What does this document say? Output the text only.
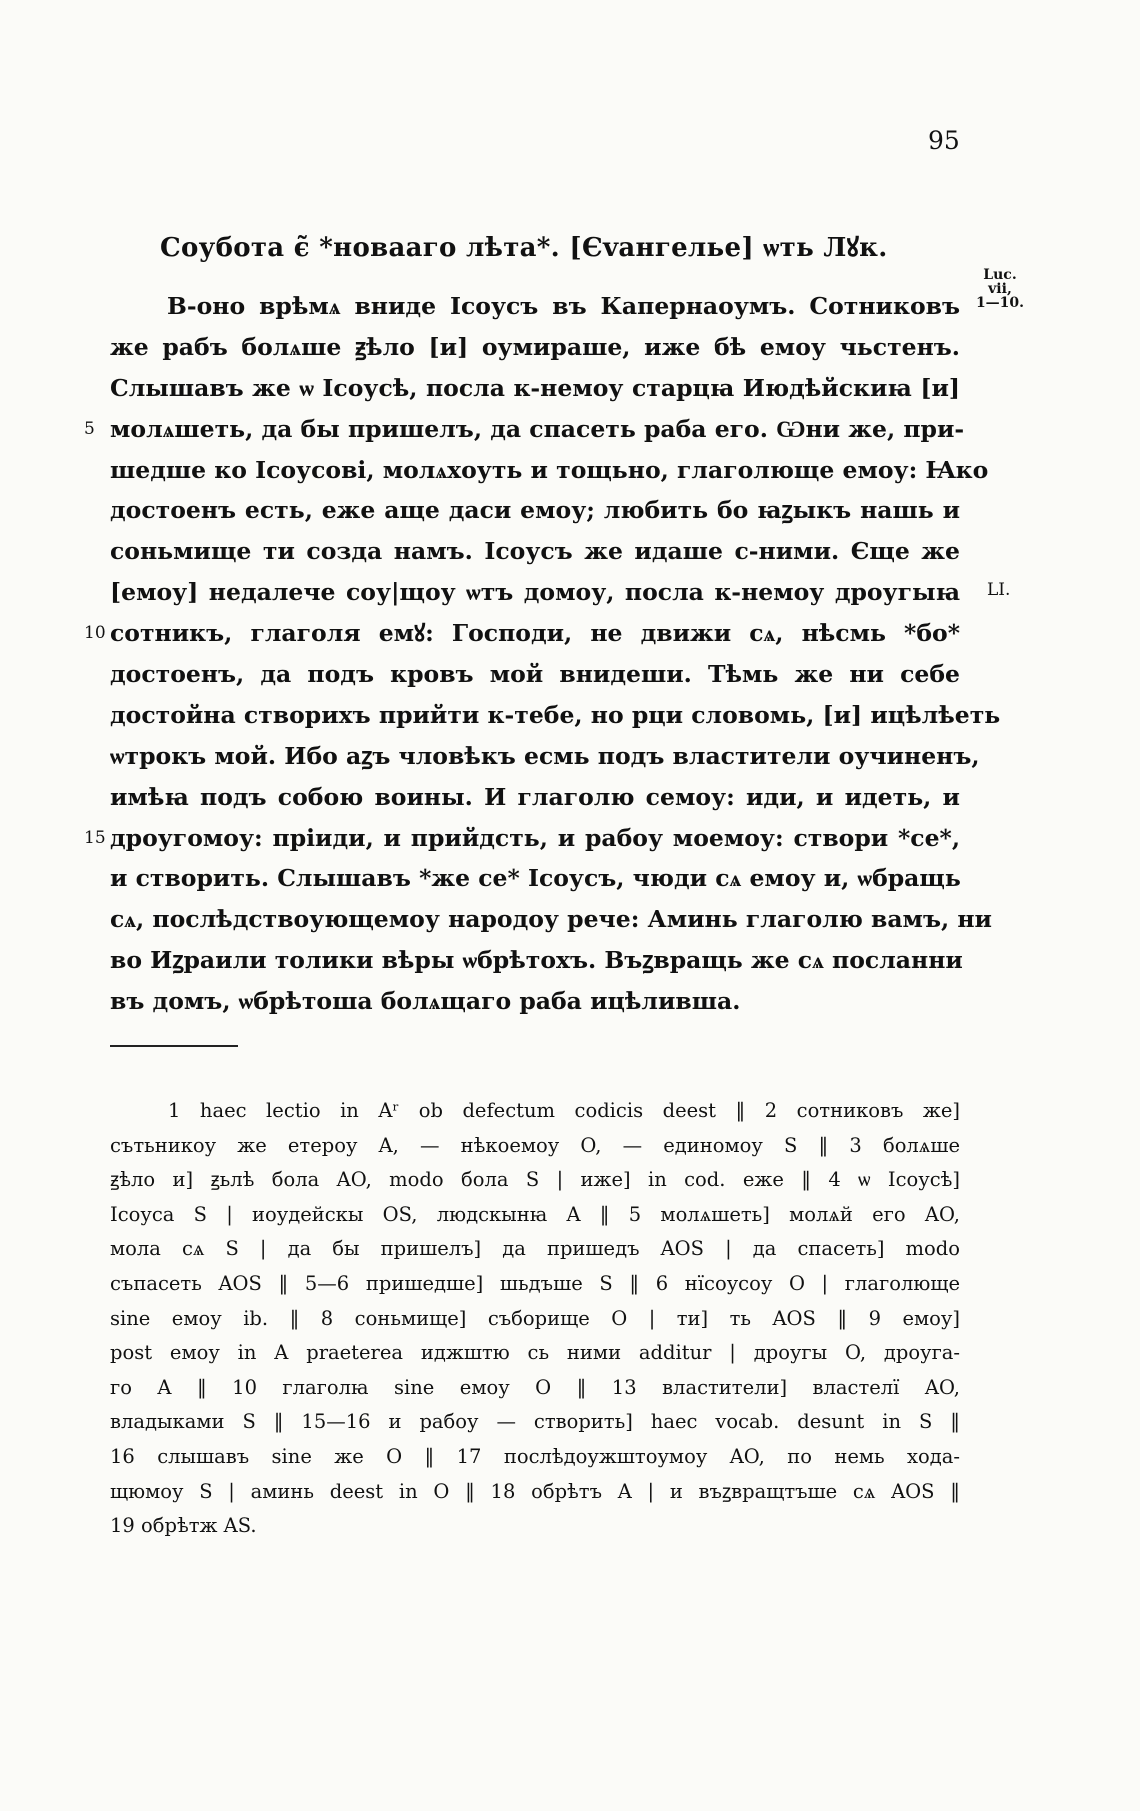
95
Соубота є̃ *новаагo лѣта*. [Єvангелье] ѡть Лꙋк.
Luc.
vii,
1—10.
LI.
В-оно врѣмѧ вниде Ісоусъ въ Капернаоумъ. Сотниковъ
же рабъ болѧше ꙃѣло [и] оумираше, иже бѣ емоу чьстенъ.
Слышавъ же ѡ Ісоусѣ, посла к-немоу старцꙗ Июдѣйскиꙗ [и]
5 молѧшеть, да бы пришелъ, да спасеть раба его. Ѡни же, при-
шедше ко Ісоусові, молѧхоуть и тощьно, глаголюще емоу: Ꙗко
достоенъ есть, еже аще даси емоу; любить бо ꙗꙁыкъ нашь и
соньмище ти созда намъ. Ісоусъ же идаше с-ними. Єще же
[емоу] недалече соу|щоу ѡтъ домоу, посла к-немоу дроугыꙗ
10 сотникъ, глаголя емꙋ: Господи, не движи сѧ, нѣсмь *бо*
достоенъ, да подъ кровъ мой внидеши. Тѣмь же ни себе
достойна створихъ прийти к-тебе, но рци словомь, [и] ицѣлѣеть
ѡтрокъ мой. Ибо аꙁъ чловѣкъ есмь подъ властители оучиненъ,
имѣꙗ подъ собою воины. И глаголю семоу: иди, и идеть, и
15 дроугомоу: пріиди, и прийдсть, и рабоу моемоу: створи *се*,
и створить. Слышавъ *же се* Ісоусъ, чюди сѧ емоу и, ѡбращь
сѧ, послѣдствоующемоу народоу рече: Аминь глаголю вамъ, ни
во Иꙁраили толики вѣры ѡбрѣтохъ. Въꙁвращь же сѧ посланни
въ домъ, ѡбрѣтоша болѧщаго раба ицѣливша.
1 haec lectio in Aʳ ob defectum codicis deest ‖ 2 сотниковъ же]
сътьникоу же етероу A, — нѣкоемоу O, — единомоу S ‖ 3 болѧше
ꙃѣло и] ꙃьлѣ бола AO, modo бола S | иже] in cod. еже ‖ 4 ѡ Ісоусѣ]
Ісоуса S | иоудейскы OS, людскынꙗ A ‖ 5 молѧшеть] молѧй его AO,
мола сѧ S | да бы пришелъ] да пришедъ AOS | да спасеть] modo
съпасеть AOS ‖ 5—6 пришедше] шьдъше S ‖ 6 нїсоусоу O | глаголюще
sine емоу ib. ‖ 8 соньмище] съборище O | ти] ть AOS ‖ 9 емоу]
post емоу in A praeterea иджштю сь ними additur | дроугы O, дроуга-
го A ‖ 10 глаголꙗ sine емоу O ‖ 13 властители] властелї AO,
владыками S ‖ 15—16 и рабоу — створить] haec vocab. desunt in S ‖
16 слышавъ sine же O ‖ 17 послѣдоужштоумоу AO, по немь хода-
щюмоу S | аминь deest in O ‖ 18 обрѣтъ A | и въꙁвращтъше сѧ AOS ‖
19 обрѣтж AS.
